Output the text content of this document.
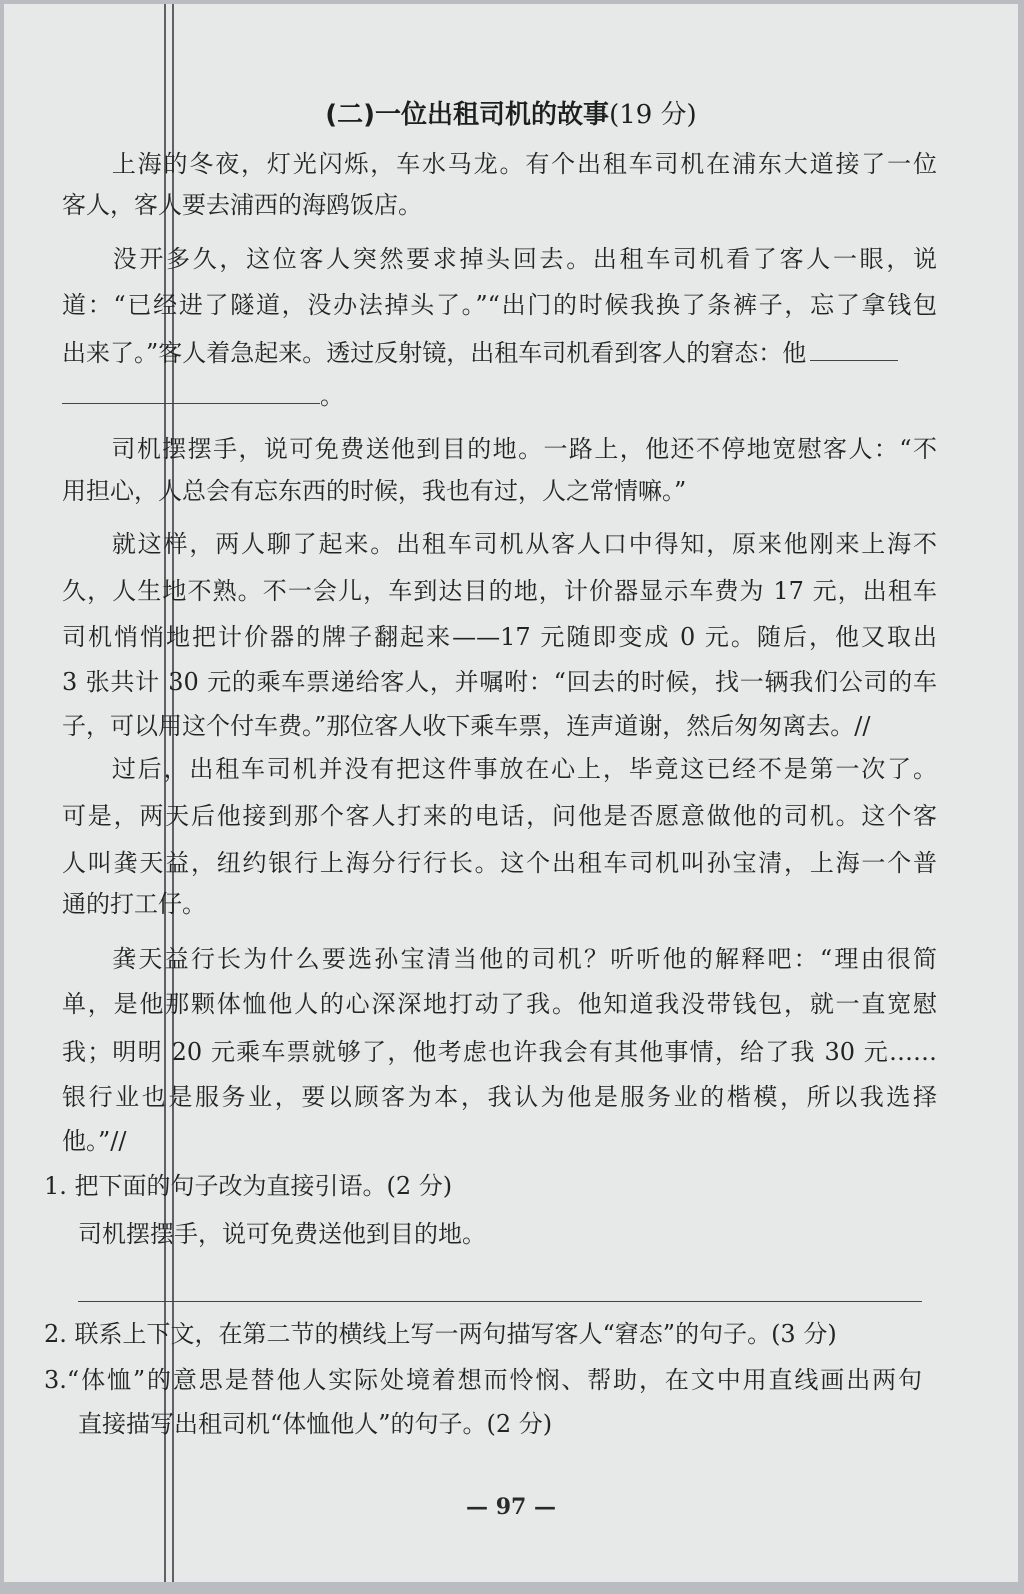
(二)一位出租司机的故事(19 分)
上海的冬夜，灯光闪烁，车水马龙。有个出租车司机在浦东大道接了一位
客人，客人要去浦西的海鸥饭店。
没开多久，这位客人突然要求掉头回去。出租车司机看了客人一眼，说
道：“已经进了隧道，没办法掉头了。”“出门的时候我换了条裤子，忘了拿钱包
出来了。”客人着急起来。透过反射镜，出租车司机看到客人的窘态：他
。
司机摆摆手，说可免费送他到目的地。一路上，他还不停地宽慰客人：“不
用担心，人总会有忘东西的时候，我也有过，人之常情嘛。”
就这样，两人聊了起来。出租车司机从客人口中得知，原来他刚来上海不
久，人生地不熟。不一会儿，车到达目的地，计价器显示车费为 17 元，出租车
司机悄悄地把计价器的牌子翻起来——17 元随即变成 0 元。随后，他又取出
3 张共计 30 元的乘车票递给客人，并嘱咐：“回去的时候，找一辆我们公司的车
子，可以用这个付车费。”那位客人收下乘车票，连声道谢，然后匆匆离去。//
过后，出租车司机并没有把这件事放在心上，毕竟这已经不是第一次了。
可是，两天后他接到那个客人打来的电话，问他是否愿意做他的司机。这个客
人叫龚天益，纽约银行上海分行行长。这个出租车司机叫孙宝清，上海一个普
通的打工仔。
龚天益行长为什么要选孙宝清当他的司机？听听他的解释吧：“理由很简
单，是他那颗体恤他人的心深深地打动了我。他知道我没带钱包，就一直宽慰
我；明明 20 元乘车票就够了，他考虑也许我会有其他事情，给了我 30 元……
银行业也是服务业，要以顾客为本，我认为他是服务业的楷模，所以我选择
他。”//
1. 把下面的句子改为直接引语。(2 分)
司机摆摆手，说可免费送他到目的地。
2. 联系上下文，在第二节的横线上写一两句描写客人“窘态”的句子。(3 分)
3.“体恤”的意思是替他人实际处境着想而怜悯、帮助，在文中用直线画出两句
直接描写出租司机“体恤他人”的句子。(2 分)
— 97 —
